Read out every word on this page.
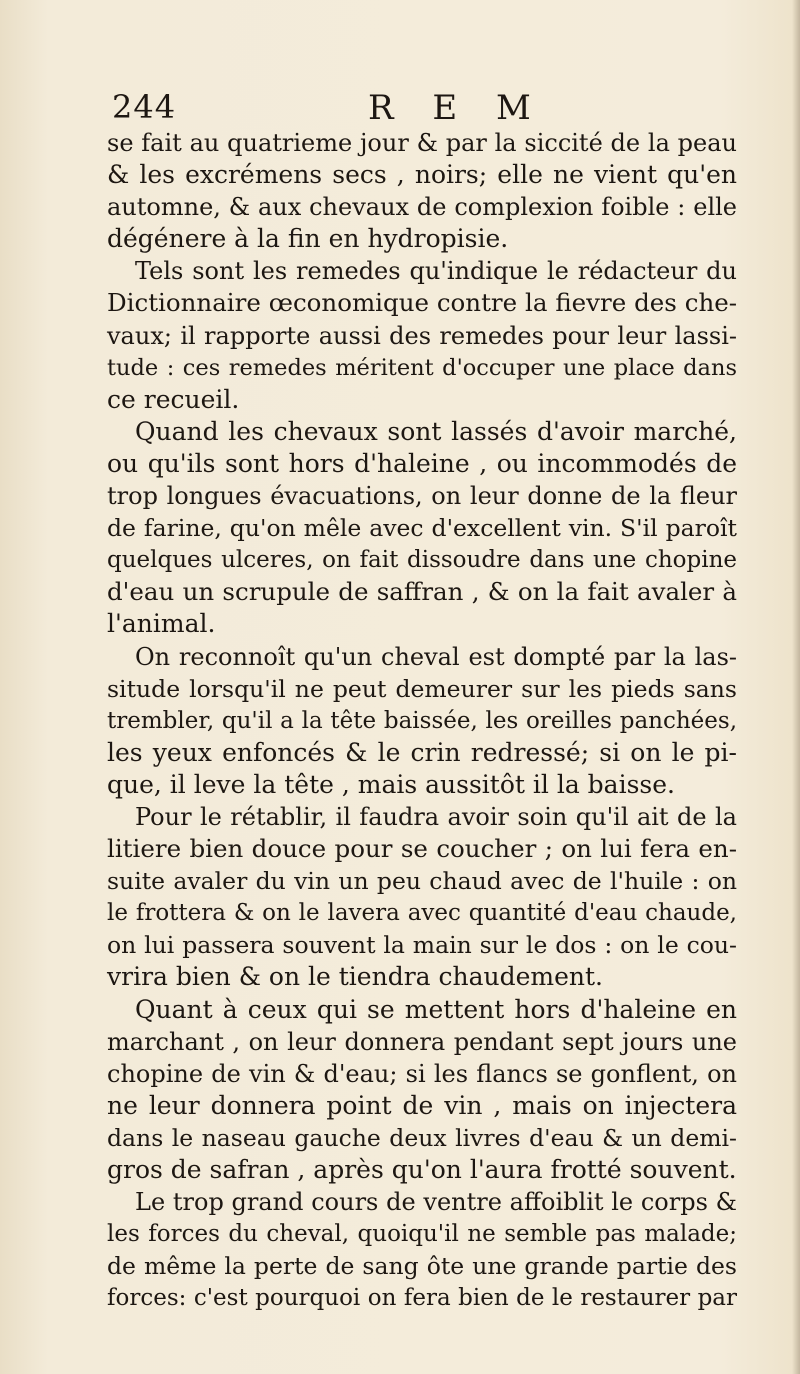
244	R E M
se fait au quatrieme jour & par la siccité de la peau
& les excrémens secs , noirs; elle ne vient qu'en
automne, & aux chevaux de complexion foible : elle
dégénere à la fin en hydropisie.
Tels sont les remedes qu'indique le rédacteur du
Dictionnaire œconomique contre la fievre des che-
vaux; il rapporte aussi des remedes pour leur lassi-
tude : ces remedes méritent d'occuper une place dans
ce recueil.
Quand les chevaux sont lassés d'avoir marché,
ou qu'ils sont hors d'haleine , ou incommodés de
trop longues évacuations, on leur donne de la fleur
de farine, qu'on mêle avec d'excellent vin. S'il paroît
quelques ulceres, on fait dissoudre dans une chopine
d'eau un scrupule de saffran , & on la fait avaler à
l'animal.
On reconnoît qu'un cheval est dompté par la las-
situde lorsqu'il ne peut demeurer sur les pieds sans
trembler, qu'il a la tête baissée, les oreilles panchées,
les yeux enfoncés & le crin redressé; si on le pi-
que, il leve la tête , mais aussitôt il la baisse.
Pour le rétablir, il faudra avoir soin qu'il ait de la
litiere bien douce pour se coucher ; on lui fera en-
suite avaler du vin un peu chaud avec de l'huile : on
le frottera & on le lavera avec quantité d'eau chaude,
on lui passera souvent la main sur le dos : on le cou-
vrira bien & on le tiendra chaudement.
Quant à ceux qui se mettent hors d'haleine en
marchant , on leur donnera pendant sept jours une
chopine de vin & d'eau; si les flancs se gonflent, on
ne leur donnera point de vin , mais on injectera
dans le naseau gauche deux livres d'eau & un demi-
gros de safran , après qu'on l'aura frotté souvent.
Le trop grand cours de ventre affoiblit le corps &
les forces du cheval, quoiqu'il ne semble pas malade;
de même la perte de sang ôte une grande partie des
forces: c'est pourquoi on fera bien de le restaurer par
